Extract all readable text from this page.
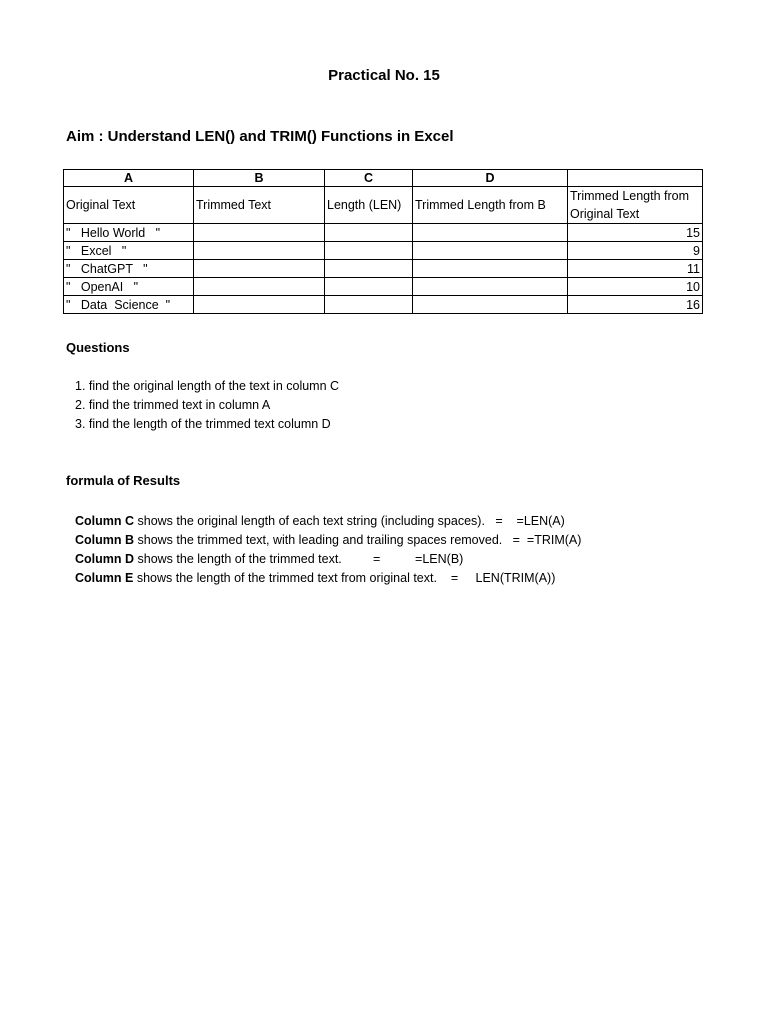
Practical No. 15
Aim : Understand LEN() and TRIM() Functions in Excel
A	B	C	D	
Original Text	Trimmed Text	Length (LEN)	Trimmed Length from B	Trimmed Length from Original Text
"   Hello World   "				15
"   Excel   "				9
"   ChatGPT   "				11
"   OpenAI   "				10
"   Data  Science  "				16
Questions
1. find the original length of the text in column C
2. find the trimmed text in column A
3. find the length of the trimmed text column D
formula of Results
Column C shows the original length of each text string (including spaces).   =    =LEN(A)
Column B shows the trimmed text, with leading and trailing spaces removed.   =  =TRIM(A)
Column D shows the length of the trimmed text.         =          =LEN(B)
Column E shows the length of the trimmed text from original text.    =     LEN(TRIM(A))
